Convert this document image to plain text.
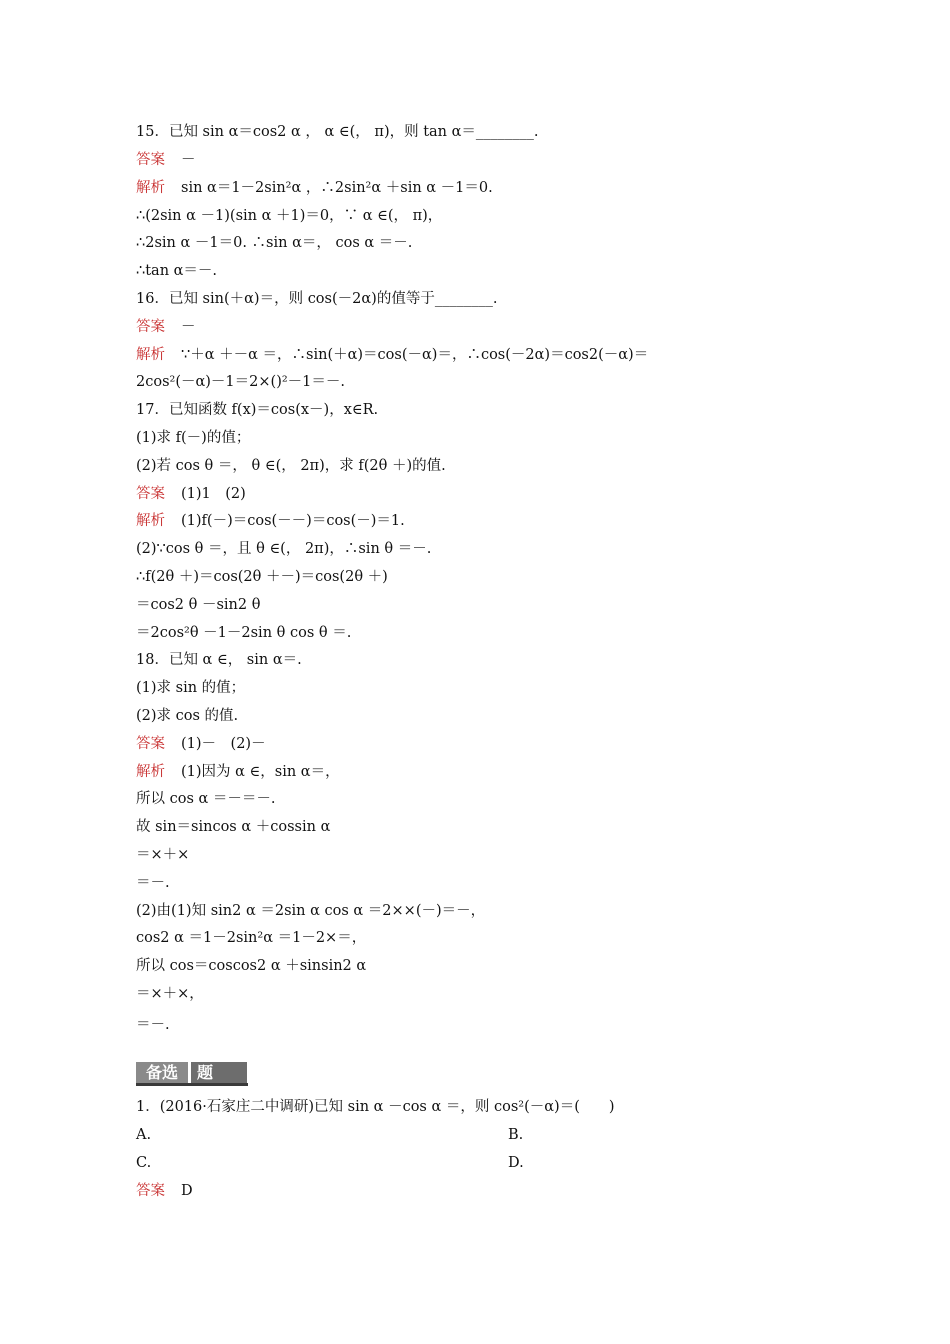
备选	题
15．已知 sin α＝cos2 α ， α ∈(， π)，则 tan α＝________.
答案 －
解析 sin α＝1－2sin²α ，∴2sin²α ＋sin α －1＝0.
∴(2sin α －1)(sin α ＋1)＝0，∵ α ∈(， π)，
∴2sin α －1＝0. ∴sin α＝， cos α ＝－.
∴tan α＝－.
16．已知 sin(＋α)＝，则 cos(－2α)的值等于________.
答案 －
解析 ∵＋α ＋－α ＝，∴sin(＋α)＝cos(－α)＝，∴cos(－2α)＝cos2(－α)＝
2cos²(－α)－1＝2×()²－1＝－.
17．已知函数 f(x)＝cos(x－)，x∈R.
(1)求 f(－)的值；
(2)若 cos θ ＝， θ ∈(， 2π)，求 f(2θ ＋)的值.
答案 (1)1　(2)
解析 (1)f(－)＝cos(－－)＝cos(－)＝1.
(2)∵cos θ ＝，且 θ ∈(， 2π)，∴sin θ ＝－.
∴f(2θ ＋)＝cos(2θ ＋－)＝cos(2θ ＋)
＝cos2 θ －sin2 θ
＝2cos²θ －1－2sin θ cos θ ＝.
18．已知 α ∈， sin α＝.
(1)求 sin 的值；
(2)求 cos 的值.
答案 (1)－　(2)－
解析 (1)因为 α ∈，sin α＝，
所以 cos α ＝－＝－.
故 sin＝sincos α ＋cossin α
＝×＋×
＝－.
(2)由(1)知 sin2 α ＝2sin α cos α ＝2××(－)＝－，
cos2 α ＝1－2sin²α ＝1－2×＝，
所以 cos＝coscos2 α ＋sinsin2 α
＝×＋×，
＝－.
1．(2016·石家庄二中调研)已知 sin α －cos α ＝，则 cos²(－α)＝(　　)
答案 D
A.	B.
C.	D.
